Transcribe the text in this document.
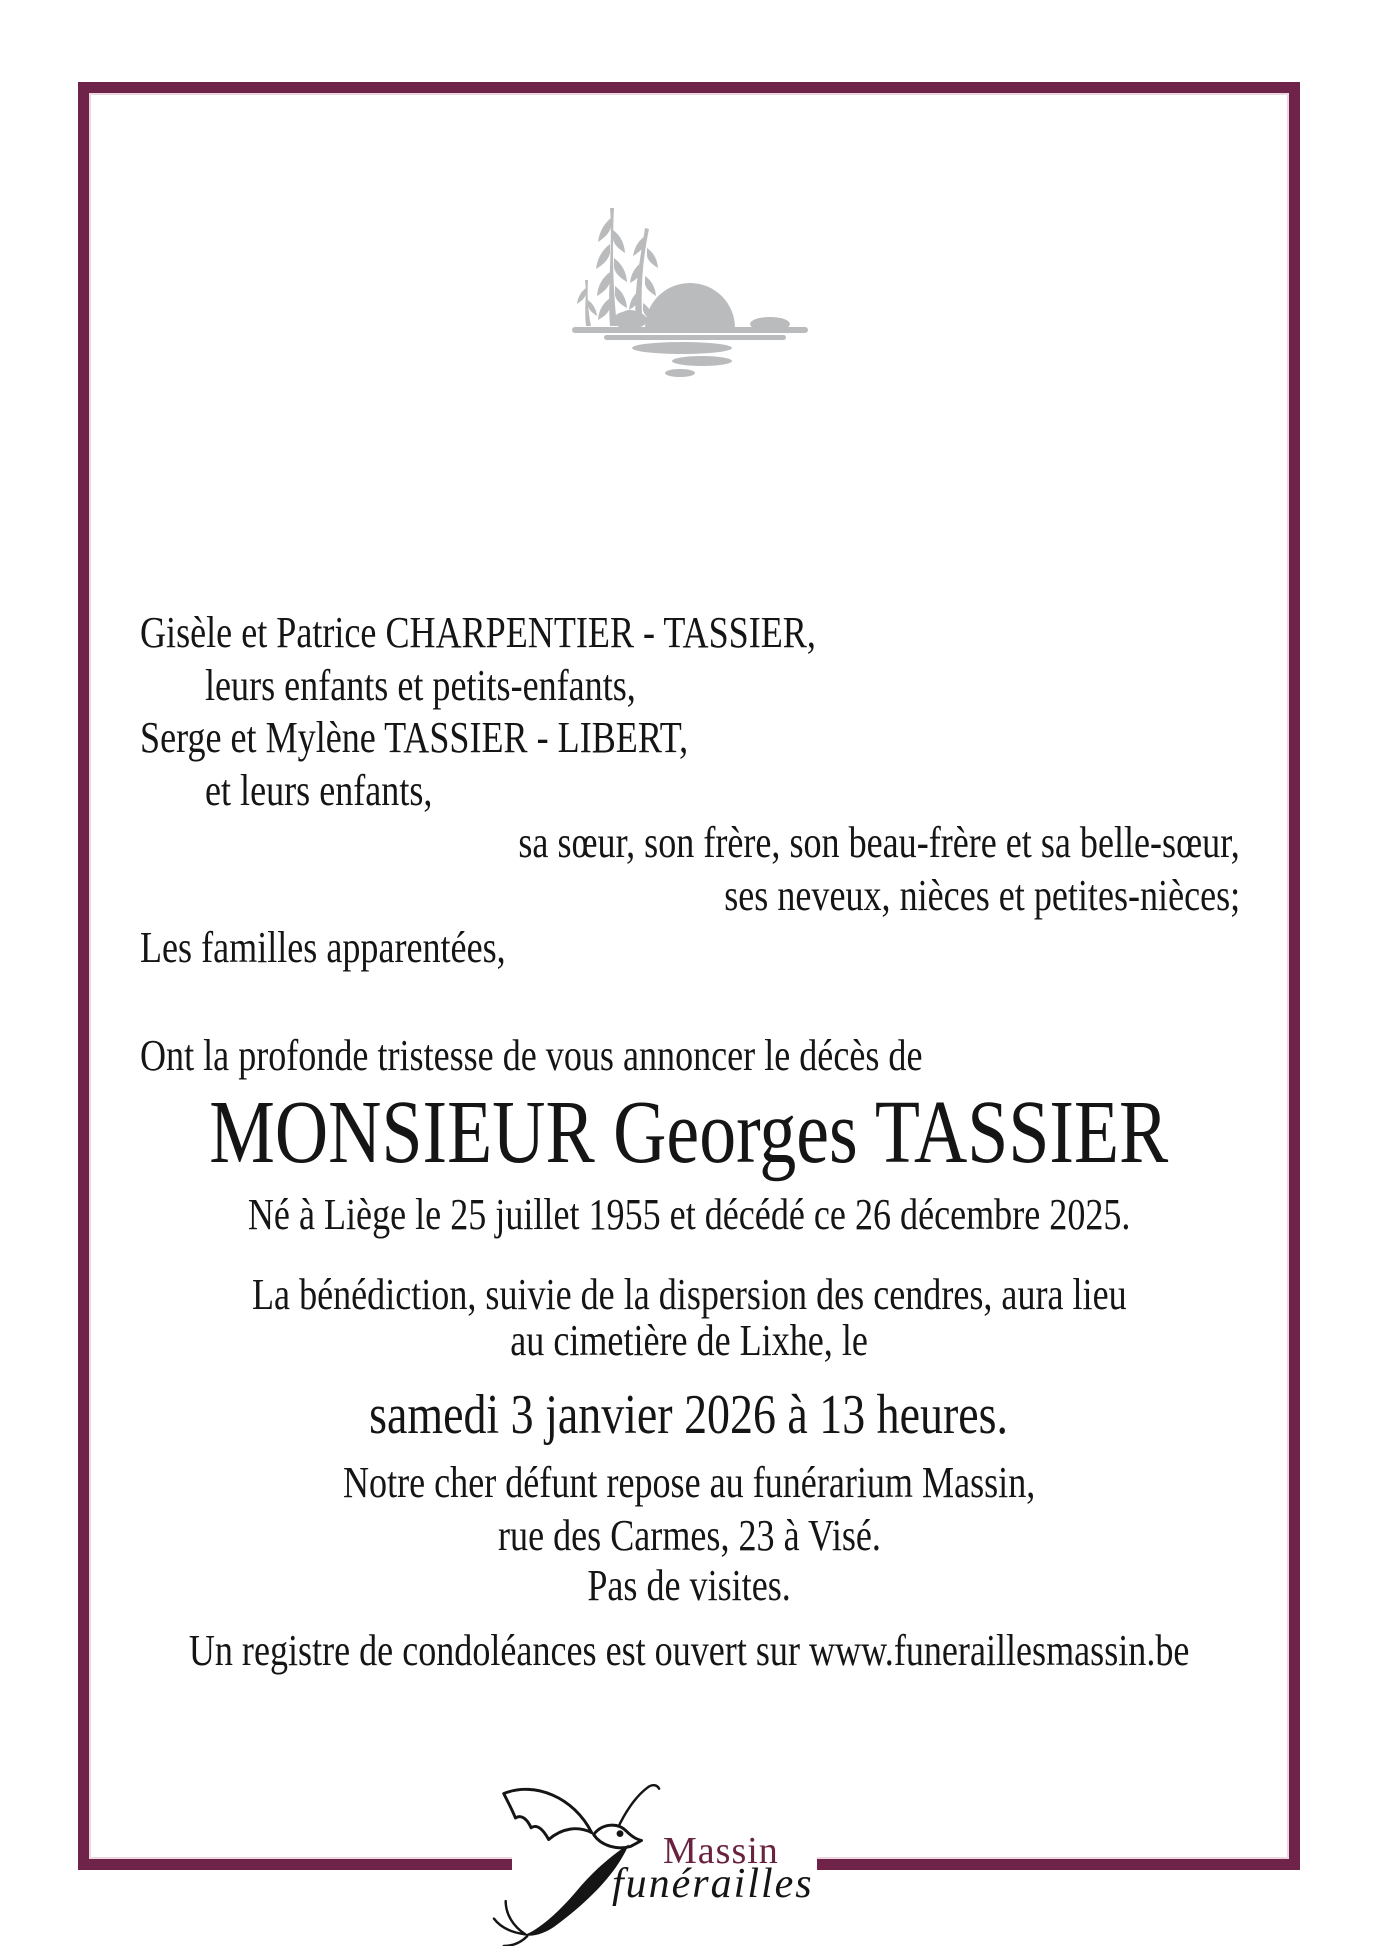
Gisèle et Patrice CHARPENTIER - TASSIER,
leurs enfants et petits-enfants,
Serge et Mylène TASSIER - LIBERT,
et leurs enfants,
sa sœur, son frère, son beau-frère et sa belle-sœur,
ses neveux, nièces et petites-nièces;
Les familles apparentées,
Ont la profonde tristesse de vous annoncer le décès de
MONSIEUR Georges TASSIER
Né à Liège le 25 juillet 1955 et décédé ce 26 décembre 2025.
La bénédiction, suivie de la dispersion des cendres, aura lieu
au cimetière de Lixhe, le
samedi 3 janvier 2026 à 13 heures.
Notre cher défunt repose au funérarium Massin,
rue des Carmes, 23 à Visé.
Pas de visites.
Un registre de condoléances est ouvert sur www.funeraillesmassin.be
Massin
funérailles
